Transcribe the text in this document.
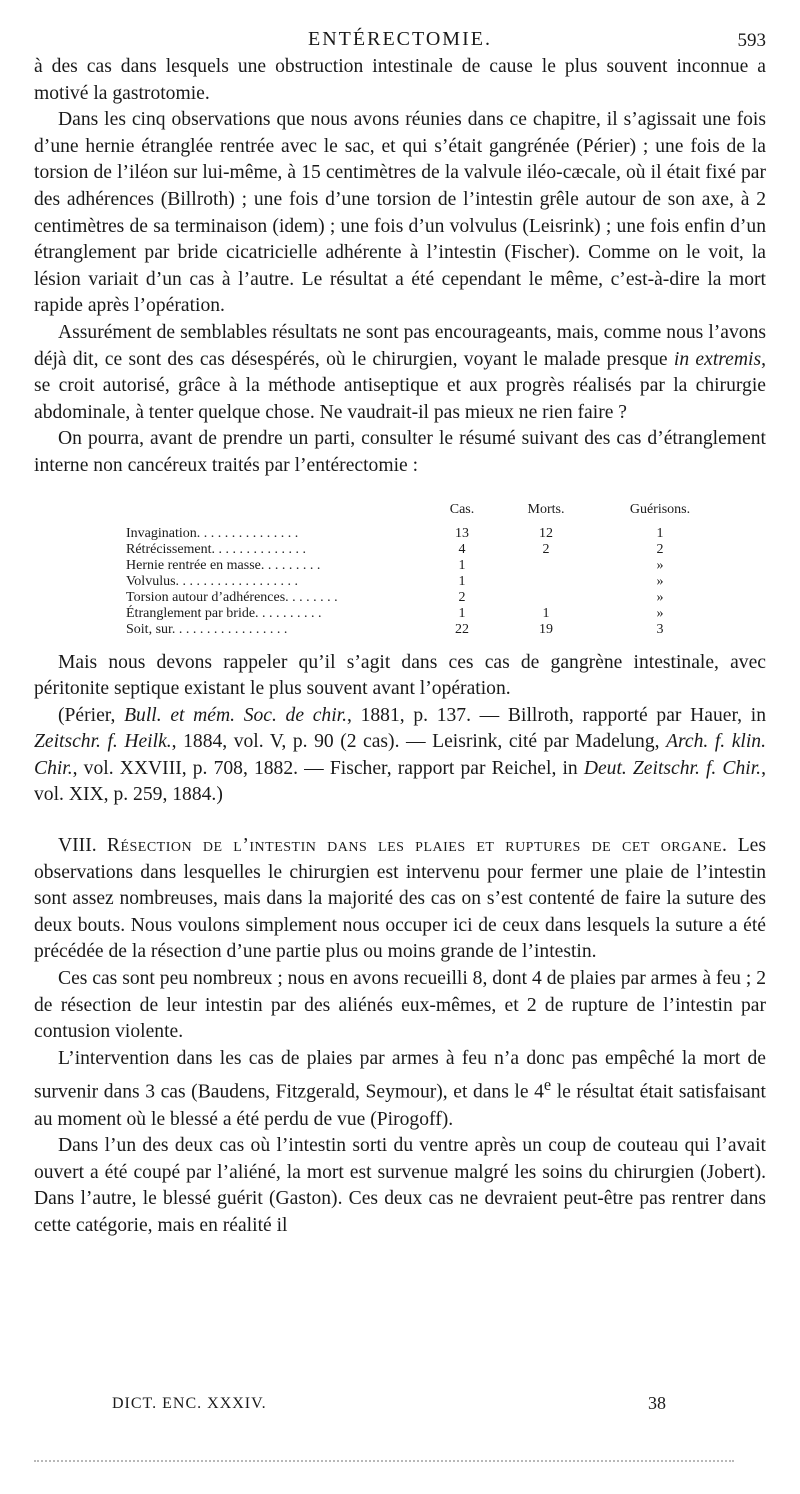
ENTÉRECTOMIE.	593

à des cas dans lesquels une obstruction intestinale de cause le plus souvent inconnue a motivé la gastrotomie.

Dans les cinq observations que nous avons réunies dans ce chapitre, il s’agissait une fois d’une hernie étranglée rentrée avec le sac, et qui s’était gangrénée (Périer) ; une fois de la torsion de l’iléon sur lui-même, à 15 centimètres de la valvule iléo-cæcale, où il était fixé par des adhérences (Billroth) ; une fois d’une torsion de l’intestin grêle autour de son axe, à 2 centimètres de sa terminaison (idem) ; une fois d’un volvulus (Leisrink) ; une fois enfin d’un étranglement par bride cicatricielle adhérente à l’intestin (Fischer). Comme on le voit, la lésion variait d’un cas à l’autre. Le résultat a été cependant le même, c’est-à-dire la mort rapide après l’opération.

Assurément de semblables résultats ne sont pas encourageants, mais, comme nous l’avons déjà dit, ce sont des cas désespérés, où le chirurgien, voyant le malade presque in extremis, se croit autorisé, grâce à la méthode antiseptique et aux progrès réalisés par la chirurgie abdominale, à tenter quelque chose. Ne vaudrait-il pas mieux ne rien faire ?

On pourra, avant de prendre un parti, consulter le résumé suivant des cas d’étranglement interne non cancéreux traités par l’entérectomie :

	Cas.	Morts.	Guérisons.
Invagination. . . . . . . . . . . . . . .	13	12	1
Rétrécissement. . . . . . . . . . . . . .	4	2	2
Hernie rentrée en masse. . . . . . . . .	1		»
Volvulus. . . . . . . . . . . . . . . . . .	1		»
Torsion autour d’adhérences. . . . . . . .	2		»
Étranglement par bride. . . . . . . . . .	1	1	»
Soit, sur. . . . . . . . . . . . . . . . .	22	19	3

Mais nous devons rappeler qu’il s’agit dans ces cas de gangrène intestinale, avec péritonite septique existant le plus souvent avant l’opération.

(Périer, Bull. et mém. Soc. de chir., 1881, p. 137. — Billroth, rapporté par Hauer, in Zeitschr. f. Heilk., 1884, vol. V, p. 90 (2 cas). — Leisrink, cité par Madelung, Arch. f. klin. Chir., vol. XXVIII, p. 708, 1882. — Fischer, rapport par Reichel, in Deut. Zeitschr. f. Chir., vol. XIX, p. 259, 1884.)

VIII. Résection de l’intestin dans les plaies et ruptures de cet organe. Les observations dans lesquelles le chirurgien est intervenu pour fermer une plaie de l’intestin sont assez nombreuses, mais dans la majorité des cas on s’est contenté de faire la suture des deux bouts. Nous voulons simplement nous occuper ici de ceux dans lesquels la suture a été précédée de la résection d’une partie plus ou moins grande de l’intestin.

Ces cas sont peu nombreux ; nous en avons recueilli 8, dont 4 de plaies par armes à feu ; 2 de résection de leur intestin par des aliénés eux-mêmes, et 2 de rupture de l’intestin par contusion violente.

L’intervention dans les cas de plaies par armes à feu n’a donc pas empêché la mort de survenir dans 3 cas (Baudens, Fitzgerald, Seymour), et dans le 4e le résultat était satisfaisant au moment où le blessé a été perdu de vue (Pirogoff).

Dans l’un des deux cas où l’intestin sorti du ventre après un coup de couteau qui l’avait ouvert a été coupé par l’aliéné, la mort est survenue malgré les soins du chirurgien (Jobert). Dans l’autre, le blessé guérit (Gaston). Ces deux cas ne devraient peut-être pas rentrer dans cette catégorie, mais en réalité il

DICT. ENC. XXXIV.	38
